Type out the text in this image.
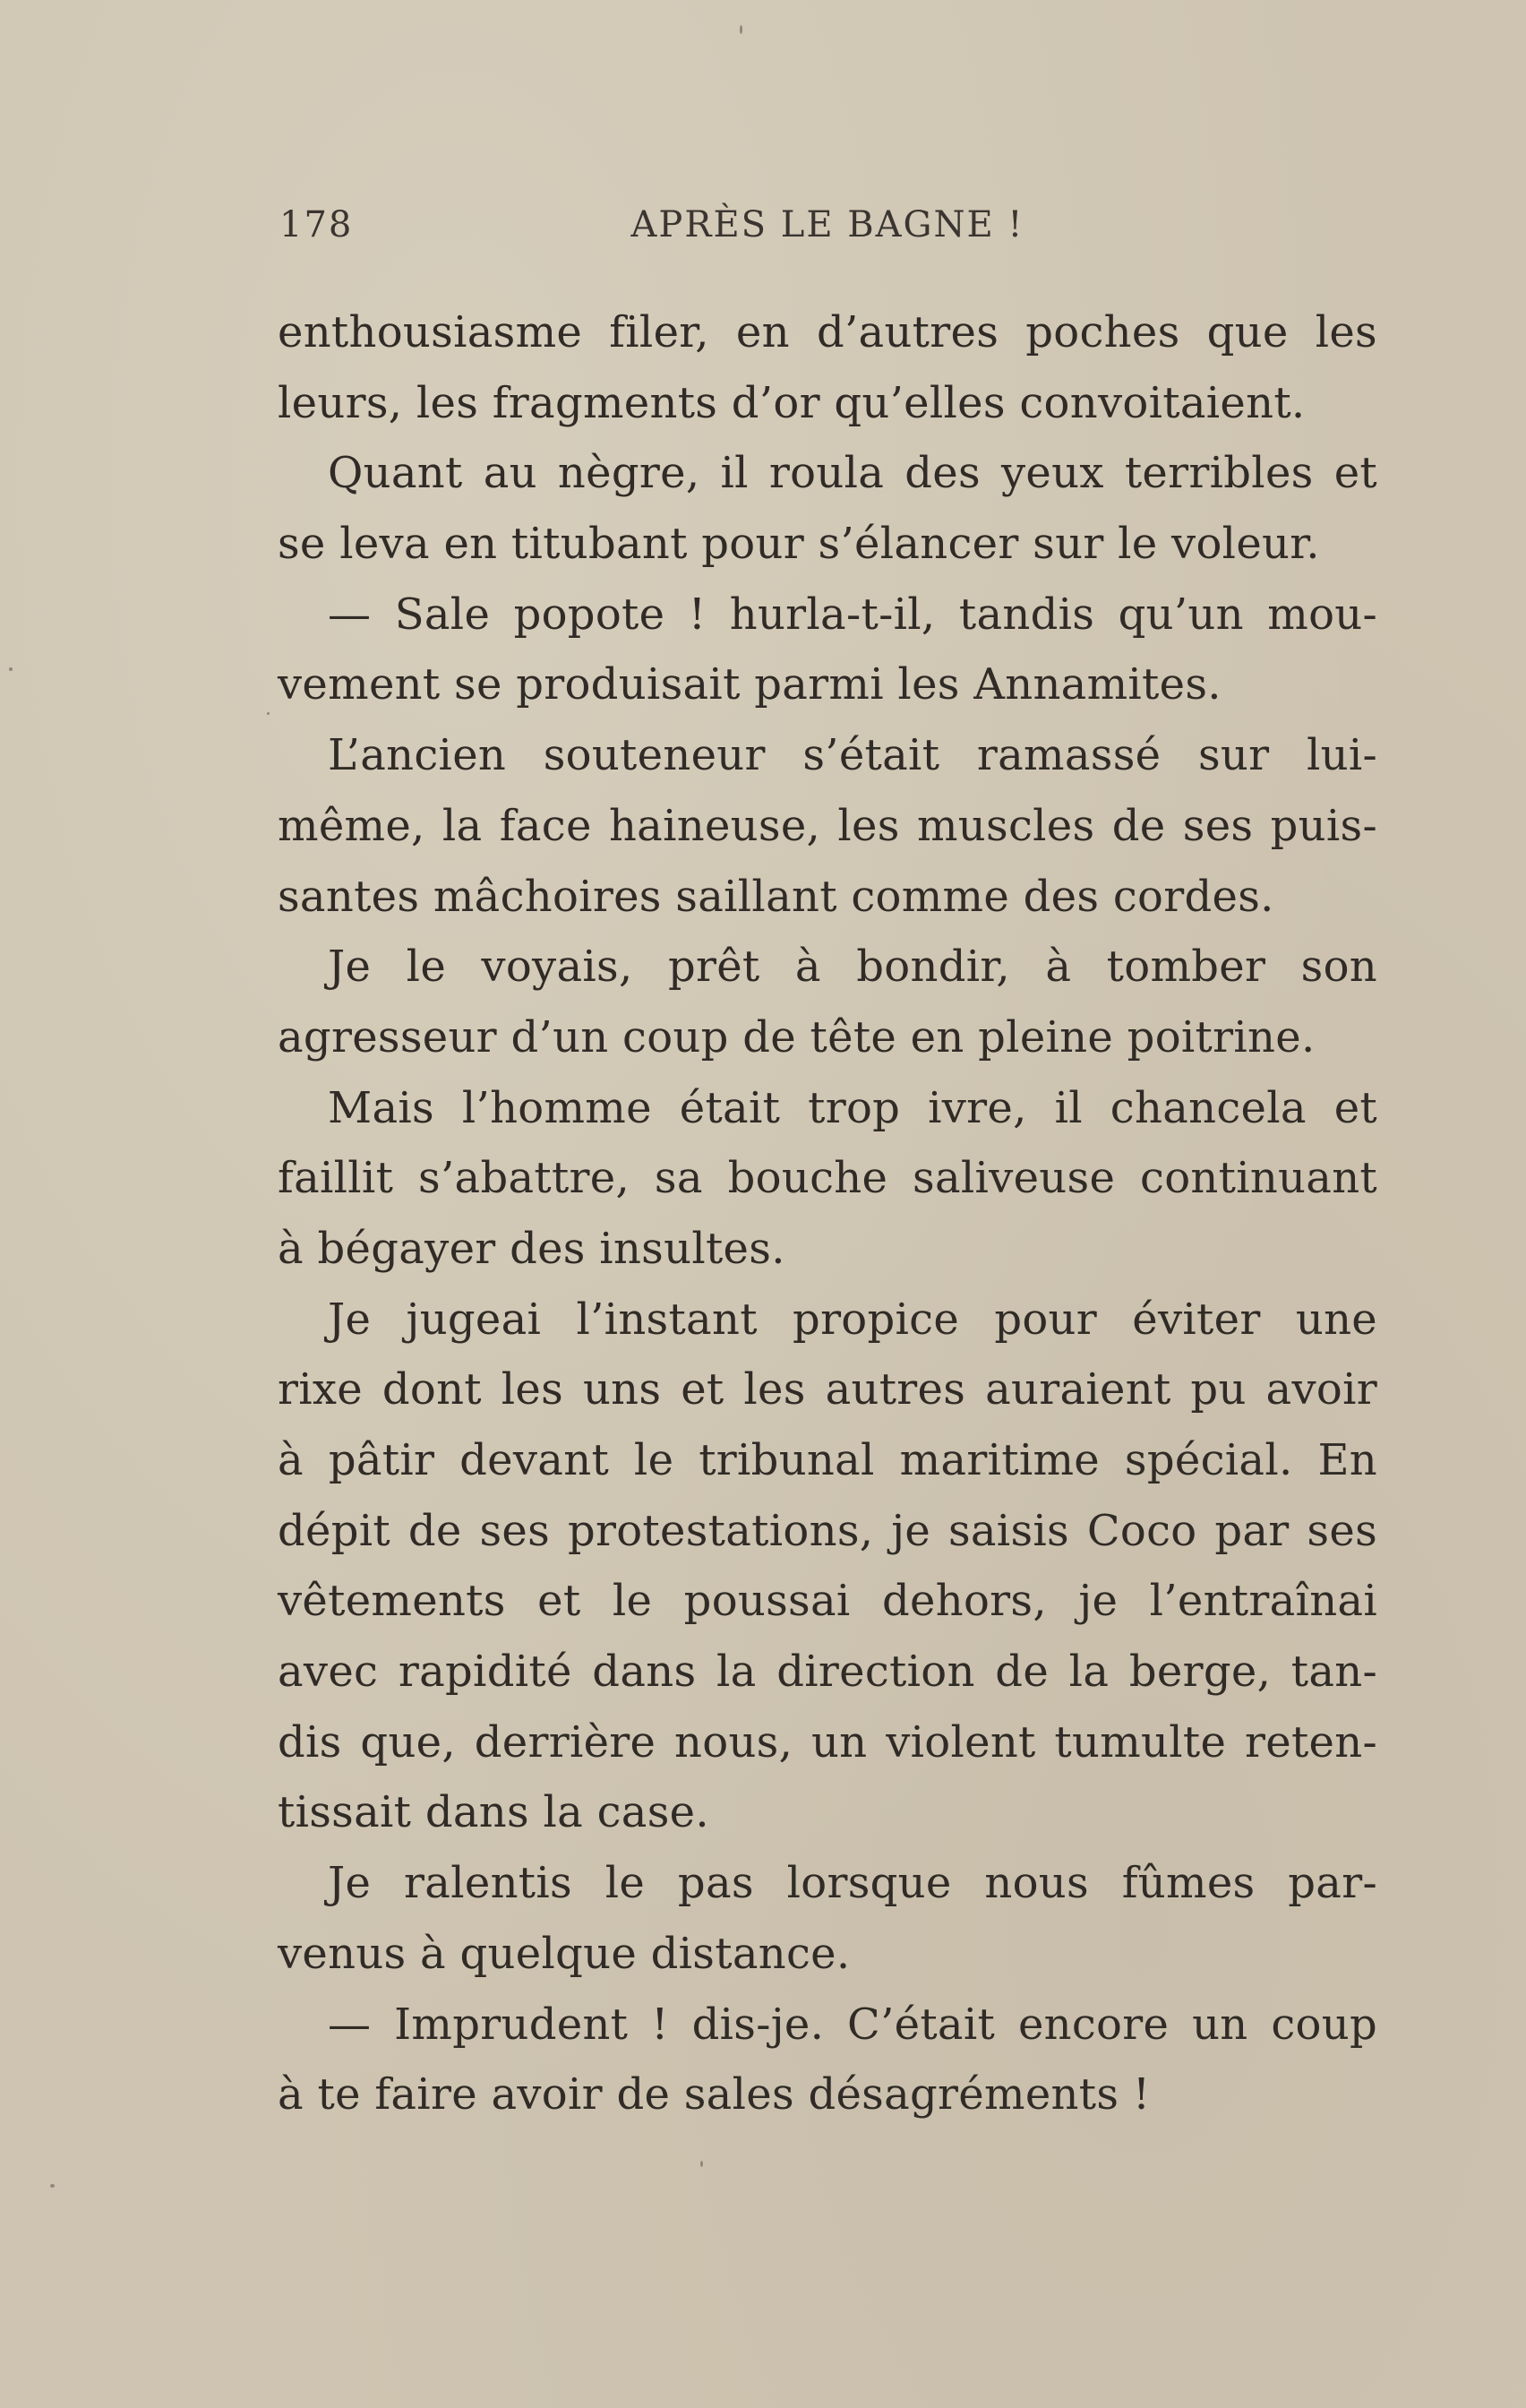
178	APRÈS LE BAGNE !
enthousiasme filer, en d’autres poches que les
leurs, les fragments d’or qu’elles convoitaient.
Quant au nègre, il roula des yeux terribles et
se leva en titubant pour s’élancer sur le voleur.
— Sale popote ! hurla-t-il, tandis qu’un mou-
vement se produisait parmi les Annamites.
L’ancien souteneur s’était ramassé sur lui-
même, la face haineuse, les muscles de ses puis-
santes mâchoires saillant comme des cordes.
Je le voyais, prêt à bondir, à tomber son
agresseur d’un coup de tête en pleine poitrine.
Mais l’homme était trop ivre, il chancela et
faillit s’abattre, sa bouche saliveuse continuant
à bégayer des insultes.
Je jugeai l’instant propice pour éviter une
rixe dont les uns et les autres auraient pu avoir
à pâtir devant le tribunal maritime spécial. En
dépit de ses protestations, je saisis Coco par ses
vêtements et le poussai dehors, je l’entraînai
avec rapidité dans la direction de la berge, tan-
dis que, derrière nous, un violent tumulte reten-
tissait dans la case.
Je ralentis le pas lorsque nous fûmes par-
venus à quelque distance.
— Imprudent ! dis-je. C’était encore un coup
à te faire avoir de sales désagréments !
